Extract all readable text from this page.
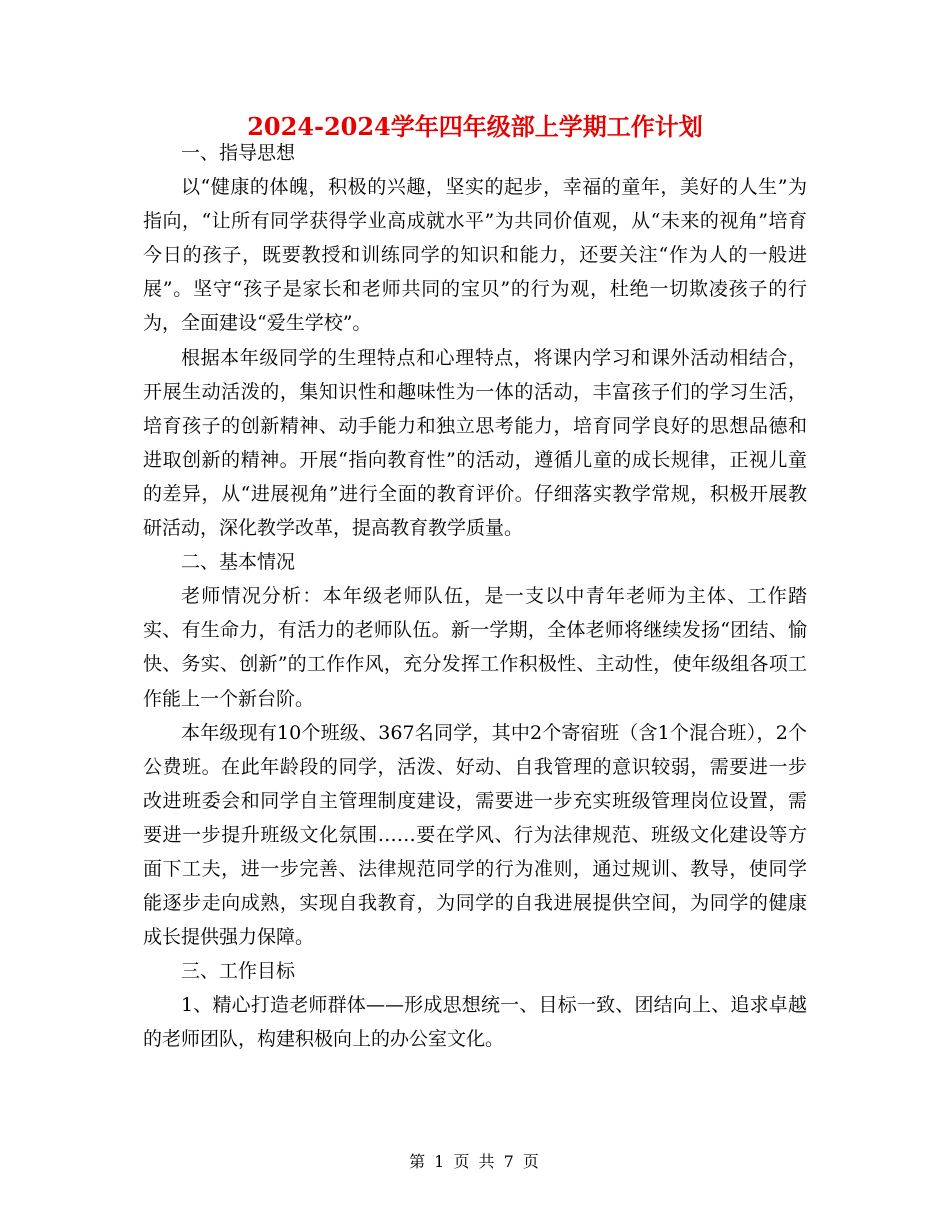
2024-2024学年四年级部上学期工作计划

一、指导思想

以“健康的体魄，积极的兴趣，坚实的起步，幸福的童年，美好的人生”为指向，“让所有同学获得学业高成就水平”为共同价值观，从“未来的视角”培育今日的孩子，既要教授和训练同学的知识和能力，还要关注“作为人的一般进展”。坚守“孩子是家长和老师共同的宝贝”的行为观，杜绝一切欺凌孩子的行为，全面建设“爱生学校”。

根据本年级同学的生理特点和心理特点，将课内学习和课外活动相结合，开展生动活泼的，集知识性和趣味性为一体的活动，丰富孩子们的学习生活，培育孩子的创新精神、动手能力和独立思考能力，培育同学良好的思想品德和进取创新的精神。开展“指向教育性”的活动，遵循儿童的成长规律，正视儿童的差异，从“进展视角”进行全面的教育评价。仔细落实教学常规，积极开展教研活动，深化教学改革，提高教育教学质量。

二、基本情况

老师情况分析：本年级老师队伍，是一支以中青年老师为主体、工作踏实、有生命力，有活力的老师队伍。新一学期，全体老师将继续发扬“团结、愉快、务实、创新”的工作作风，充分发挥工作积极性、主动性，使年级组各项工作能上一个新台阶。

本年级现有10个班级、367名同学，其中2个寄宿班（含1个混合班），2个公费班。在此年龄段的同学，活泼、好动、自我管理的意识较弱，需要进一步改进班委会和同学自主管理制度建设，需要进一步充实班级管理岗位设置，需要进一步提升班级文化氛围……要在学风、行为法律规范、班级文化建设等方面下工夫，进一步完善、法律规范同学的行为准则，通过规训、教导，使同学能逐步走向成熟，实现自我教育，为同学的自我进展提供空间，为同学的健康成长提供强力保障。

三、工作目标

1、精心打造老师群体——形成思想统一、目标一致、团结向上、追求卓越的老师团队，构建积极向上的办公室文化。

第 1 页 共 7 页
